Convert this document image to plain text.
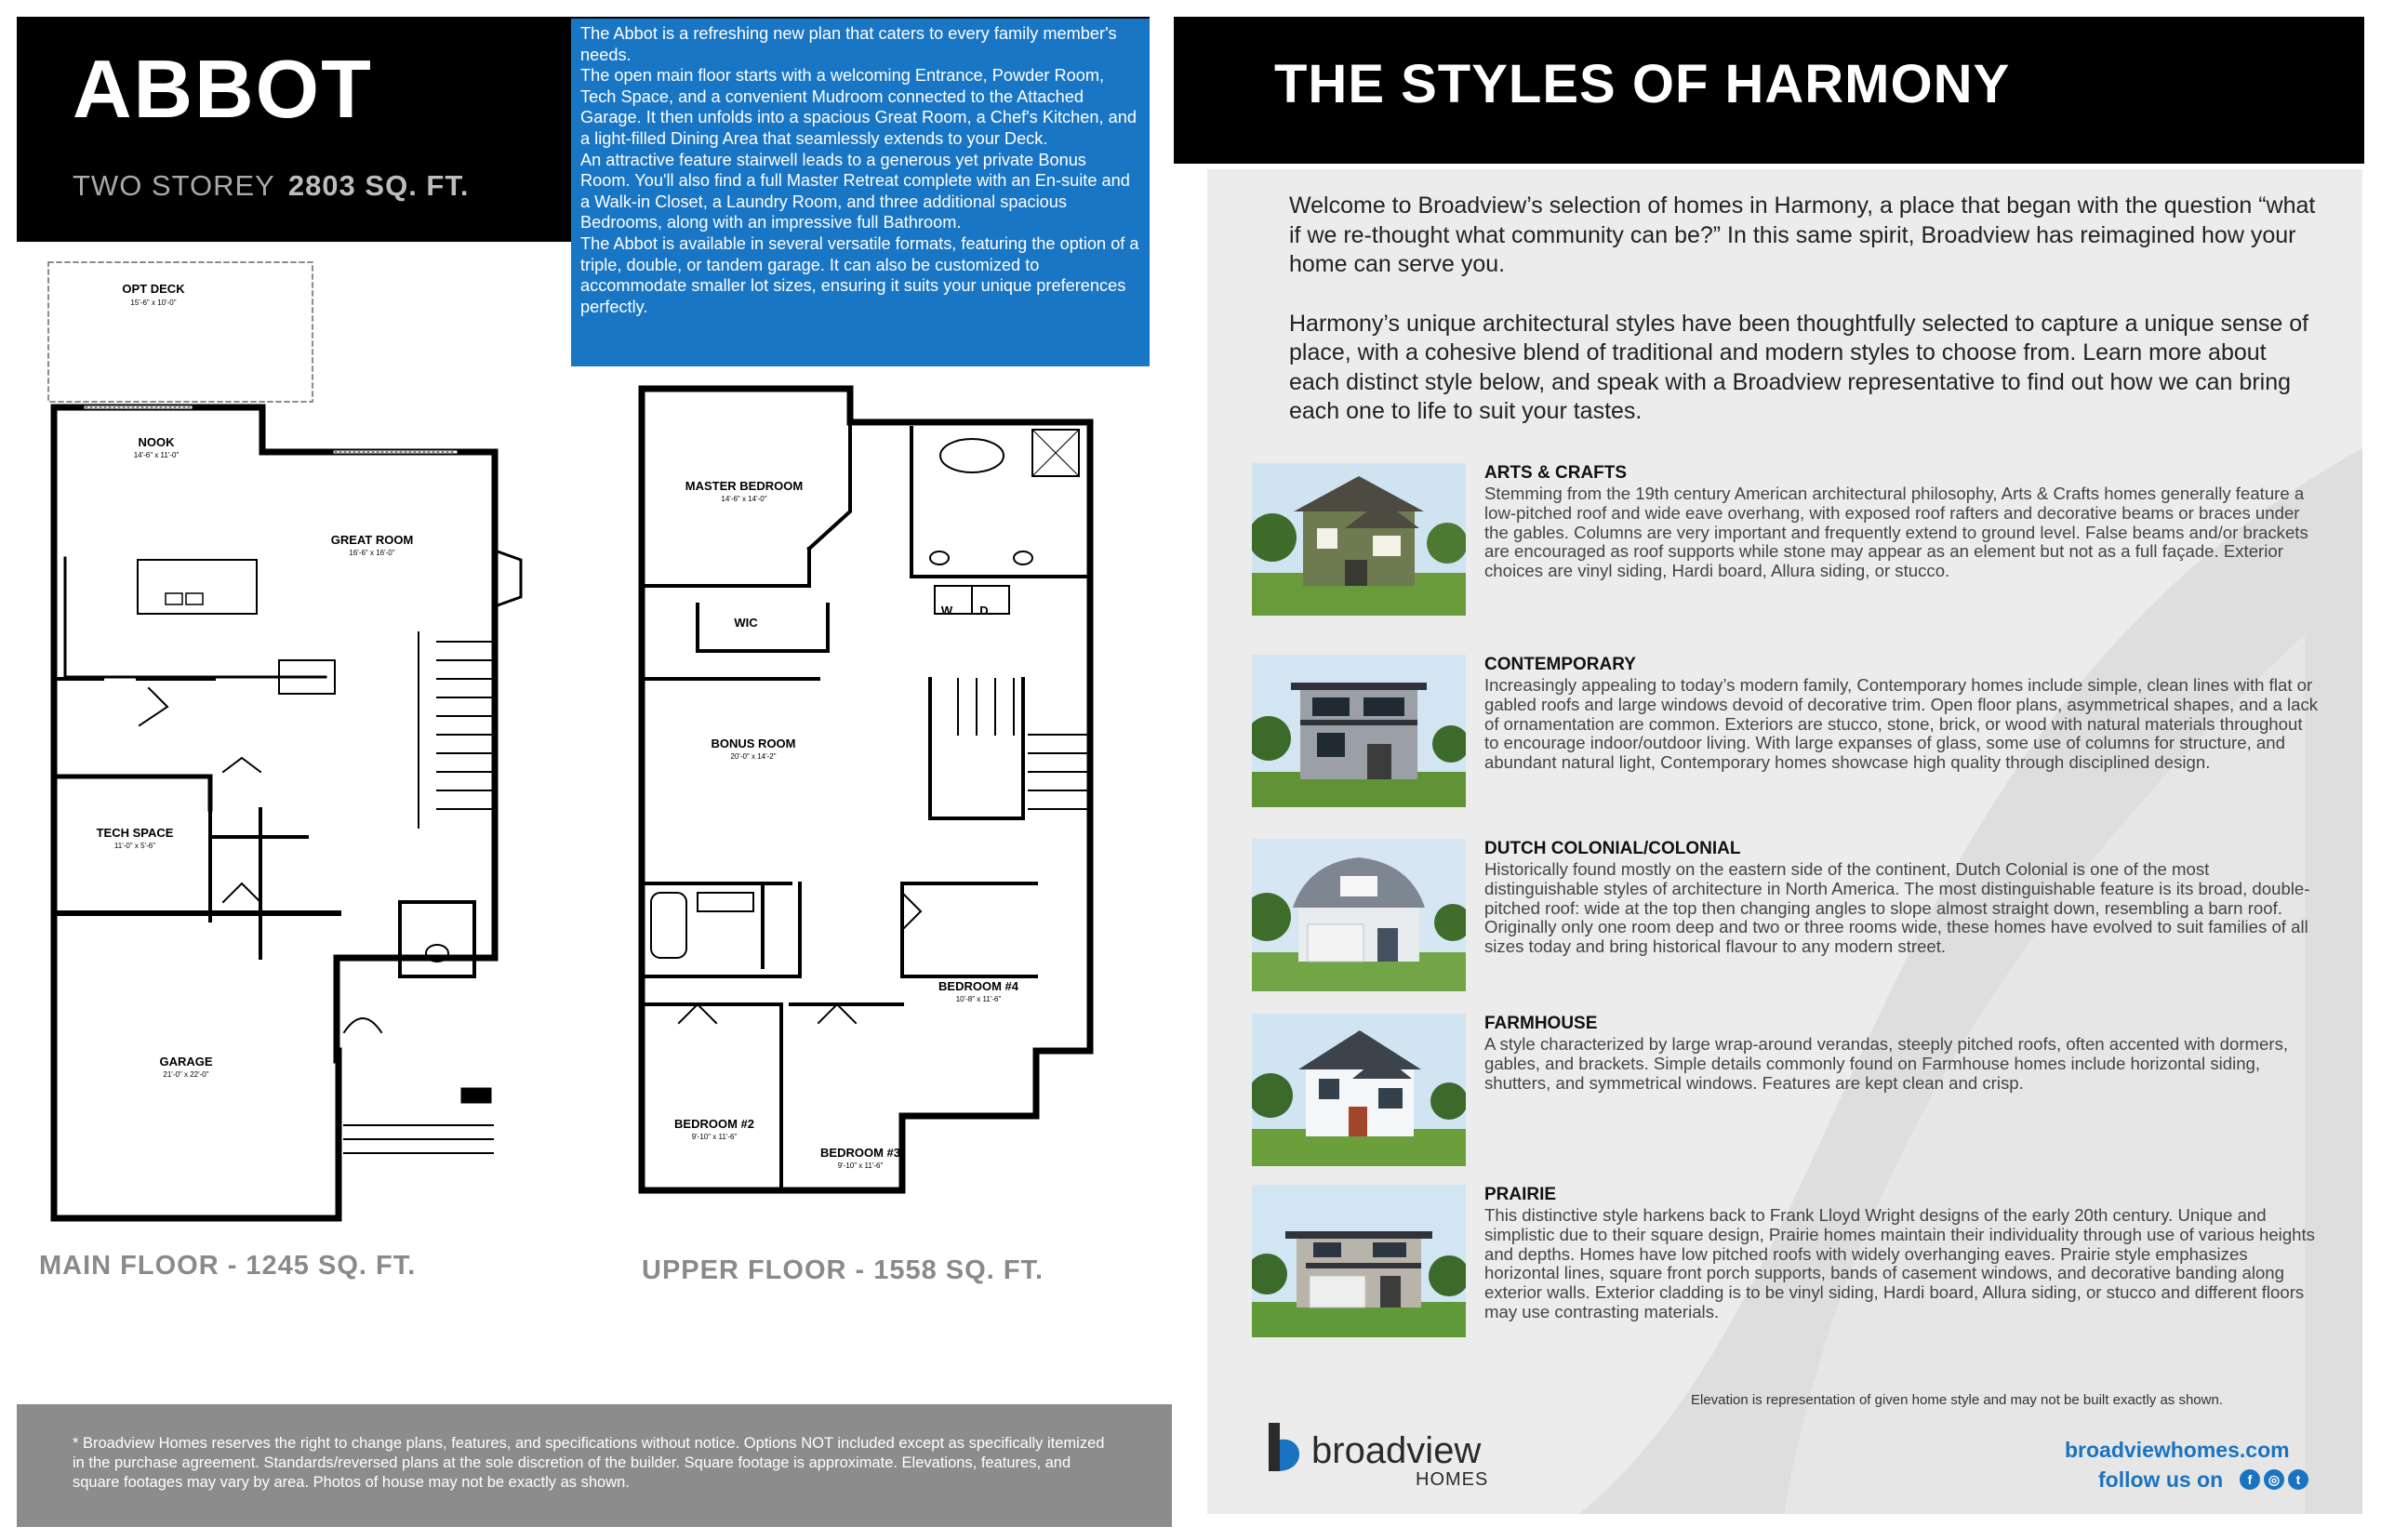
ABBOT
TWO STOREY 2803 SQ. FT.

The Abbot is a refreshing new plan that caters to every family member's needs.

The open main floor starts with a welcoming Entrance, Powder Room, Tech Space, and a convenient Mudroom connected to the Attached Garage. It then unfolds into a spacious Great Room, a Chef's Kitchen, and a light-filled Dining Area that seamlessly extends to your Deck.

An attractive feature stairwell leads to a generous yet private Bonus Room. You'll also find a full Master Retreat complete with an En-suite and a Walk-in Closet, a Laundry Room, and three additional spacious Bedrooms, along with an impressive full Bathroom.

The Abbot is available in several versatile formats, featuring the option of a triple, double, or tandem garage. It can also be customized to accommodate smaller lot sizes, ensuring it suits your unique preferences perfectly.

OPT DECK
15'-6" x 10'-0"
NOOK
14'-6" x 11'-0"
GREAT ROOM
16'-6" x 16'-0"
TECH SPACE
11'-0" x 5'-6"
GARAGE
21'-0" x 22'-0"
MASTER BEDROOM
14'-6" x 14'-0"
WIC
BONUS ROOM
20'-0" x 14'-2"
BEDROOM #4
10'-8" x 11'-6"
BEDROOM #2
9'-10" x 11'-6"
BEDROOM #3
9'-10" x 11'-6"
W D
MAIN FLOOR - 1245 SQ. FT.	UPPER FLOOR - 1558 SQ. FT.
* Broadview Homes reserves the right to change plans, features, and specifications without notice. Options NOT included except as specifically itemized in the purchase agreement. Standards/reversed plans at the sole discretion of the builder. Square footage is approximate. Elevations, features, and square footages may vary by area. Photos of house may not be exactly as shown.
THE STYLES OF HARMONY

Welcome to Broadview’s selection of homes in Harmony, a place that began with the question “what if we re-thought what community can be?” In this same spirit, Broadview has reimagined how your home can serve you.

Harmony’s unique architectural styles have been thoughtfully selected to capture a unique sense of place, with a cohesive blend of traditional and modern styles to choose from. Learn more about each distinct style below, and speak with a Broadview representative to find out how we can bring each one to life to suit your tastes.

ARTS & CRAFTS

Stemming from the 19th century American architectural philosophy, Arts & Crafts homes generally feature a low-pitched roof and wide eave overhang, with exposed roof rafters and decorative beams or braces under the gables. Columns are very important and frequently extend to ground level. False beams and/or brackets are encouraged as roof supports while stone may appear as an element but not as a full façade. Exterior choices are vinyl siding, Hardi board, Allura siding, or stucco.

CONTEMPORARY

Increasingly appealing to today’s modern family, Contemporary homes include simple, clean lines with flat or gabled roofs and large windows devoid of decorative trim. Open floor plans, asymmetrical shapes, and a lack of ornamentation are common. Exteriors are stucco, stone, brick, or wood with natural materials throughout to encourage indoor/outdoor living. With large expanses of glass, some use of columns for structure, and abundant natural light, Contemporary homes showcase high quality through disciplined design.

DUTCH COLONIAL/COLONIAL

Historically found mostly on the eastern side of the continent, Dutch Colonial is one of the most distinguishable styles of architecture in North America. The most distinguishable feature is its broad, double-pitched roof: wide at the top then changing angles to slope almost straight down, resembling a barn roof. Originally only one room deep and two or three rooms wide, these homes have evolved to suit families of all sizes today and bring historical flavour to any modern street.

FARMHOUSE

A style characterized by large wrap-around verandas, steeply pitched roofs, often accented with dormers, gables, and brackets. Simple details commonly found on Farmhouse homes include horizontal siding, shutters, and symmetrical windows. Features are kept clean and crisp.

PRAIRIE

This distinctive style harkens back to Frank Lloyd Wright designs of the early 20th century. Unique and simplistic due to their square design, Prairie homes maintain their individuality through use of various heights and depths. Homes have low pitched roofs with widely overhanging eaves. Prairie style emphasizes horizontal lines, square front porch supports, bands of casement windows, and decorative banding along exterior walls. Exterior cladding is to be vinyl siding, Hardi board, Allura siding, or stucco and different floors may use contrasting materials.

Elevation is representation of given home style and may not be built exactly as shown.
broadview
HOMES
broadviewhomes.com
follow us on	f	◎	t
